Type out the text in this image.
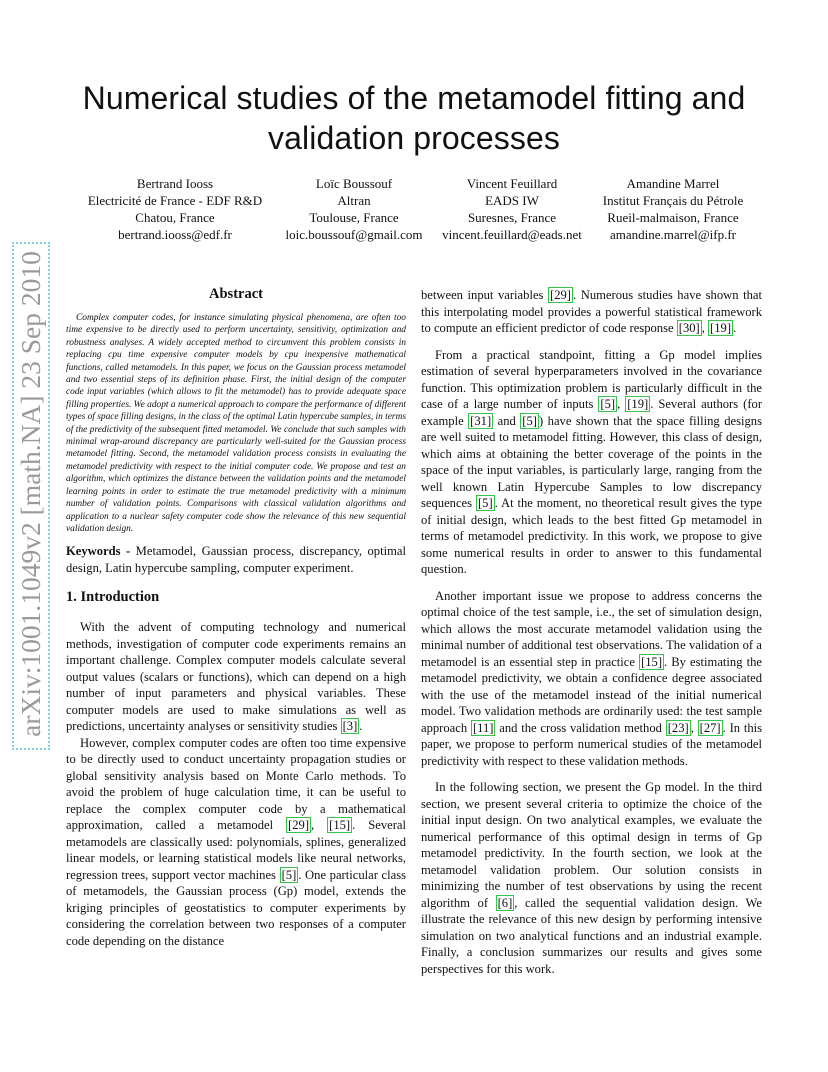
Numerical studies of the metamodel fitting and
validation processes
Bertrand Iooss
Electricité de France - EDF R&D
Chatou, France
bertrand.iooss@edf.fr
Loïc Boussouf
Altran
Toulouse, France
loic.boussouf@gmail.com
Vincent Feuillard
EADS IW
Suresnes, France
vincent.feuillard@eads.net
Amandine Marrel
Institut Français du Pétrole
Rueil-malmaison, France
amandine.marrel@ifp.fr
arXiv:1001.1049v2 [math.NA] 23 Sep 2010	Abstract

Complex computer codes, for instance simulating physical phenomena, are often too time expensive to be directly used to perform uncertainty, sensitivity, optimization and robustness analyses. A widely accepted method to circumvent this problem consists in replacing cpu time expensive computer models by cpu inexpensive mathematical functions, called metamodels. In this paper, we focus on the Gaussian process metamodel and two essential steps of its definition phase. First, the initial design of the computer code input variables (which allows to fit the metamodel) has to provide adequate space filling properties. We adopt a numerical approach to compare the performance of different types of space filling designs, in the class of the optimal Latin hypercube samples, in terms of the predictivity of the subsequent fitted metamodel. We conclude that such samples with minimal wrap-around discrepancy are particularly well-suited for the Gaussian process metamodel fitting. Second, the metamodel validation process consists in evaluating the metamodel predictivity with respect to the initial computer code. We propose and test an algorithm, which optimizes the distance between the validation points and the metamodel learning points in order to estimate the true metamodel predictivity with a minimum number of validation points. Comparisons with classical validation algorithms and application to a nuclear safety computer code show the relevance of this new sequential validation design.

Keywords - Metamodel, Gaussian process, discrepancy, optimal design, Latin hypercube sampling, computer experiment.

1. Introduction

With the advent of computing technology and numerical methods, investigation of computer code experiments remains an important challenge. Complex computer models calculate several output values (scalars or functions), which can depend on a high number of input parameters and physical variables. These computer models are used to make simulations as well as predictions, uncertainty analyses or sensitivity studies [3] .

However, complex computer codes are often too time expensive to be directly used to conduct uncertainty propagation studies or global sensitivity analysis based on Monte Carlo methods. To avoid the problem of huge calculation time, it can be useful to replace the complex computer code by a mathematical approximation, called a metamodel [29] , [15] . Several metamodels are classically used: polynomials, splines, generalized linear models, or learning statistical models like neural networks, regression trees, support vector machines [5] . One particular class of metamodels, the Gaussian process (Gp) model, extends the kriging principles of geostatistics to computer experiments by considering the correlation between two responses of a computer code depending on the distance

between input variables [29] . Numerous studies have shown that this interpolating model provides a powerful statistical framework to compute an efficient predictor of code response [30] , [19] .

From a practical standpoint, fitting a Gp model implies estimation of several hyperparameters involved in the covariance function. This optimization problem is particularly difficult in the case of a large number of inputs [5] , [19] . Several authors (for example [31] and [5] ) have shown that the space filling designs are well suited to metamodel fitting. However, this class of design, which aims at obtaining the better coverage of the points in the space of the input variables, is particularly large, ranging from the well known Latin Hypercube Samples to low discrepancy sequences [5] . At the moment, no theoretical result gives the type of initial design, which leads to the best fitted Gp metamodel in terms of metamodel predictivity. In this work, we propose to give some numerical results in order to answer to this fundamental question.

Another important issue we propose to address concerns the optimal choice of the test sample, i.e., the set of simulation design, which allows the most accurate metamodel validation using the minimal number of additional test observations. The validation of a metamodel is an essential step in practice [15] . By estimating the metamodel predictivity, we obtain a confidence degree associated with the use of the metamodel instead of the initial numerical model. Two validation methods are ordinarily used: the test sample approach [11] and the cross validation method [23] , [27] . In this paper, we propose to perform numerical studies of the metamodel predictivity with respect to these validation methods.

In the following section, we present the Gp model. In the third section, we present several criteria to optimize the choice of the initial input design. On two analytical examples, we evaluate the numerical performance of this optimal design in terms of Gp metamodel predictivity. In the fourth section, we look at the metamodel validation problem. Our solution consists in minimizing the number of test observations by using the recent algorithm of [6] , called the sequential validation design. We illustrate the relevance of this new design by performing intensive simulation on two analytical functions and an industrial example. Finally, a conclusion summarizes our results and gives some perspectives for this work.
